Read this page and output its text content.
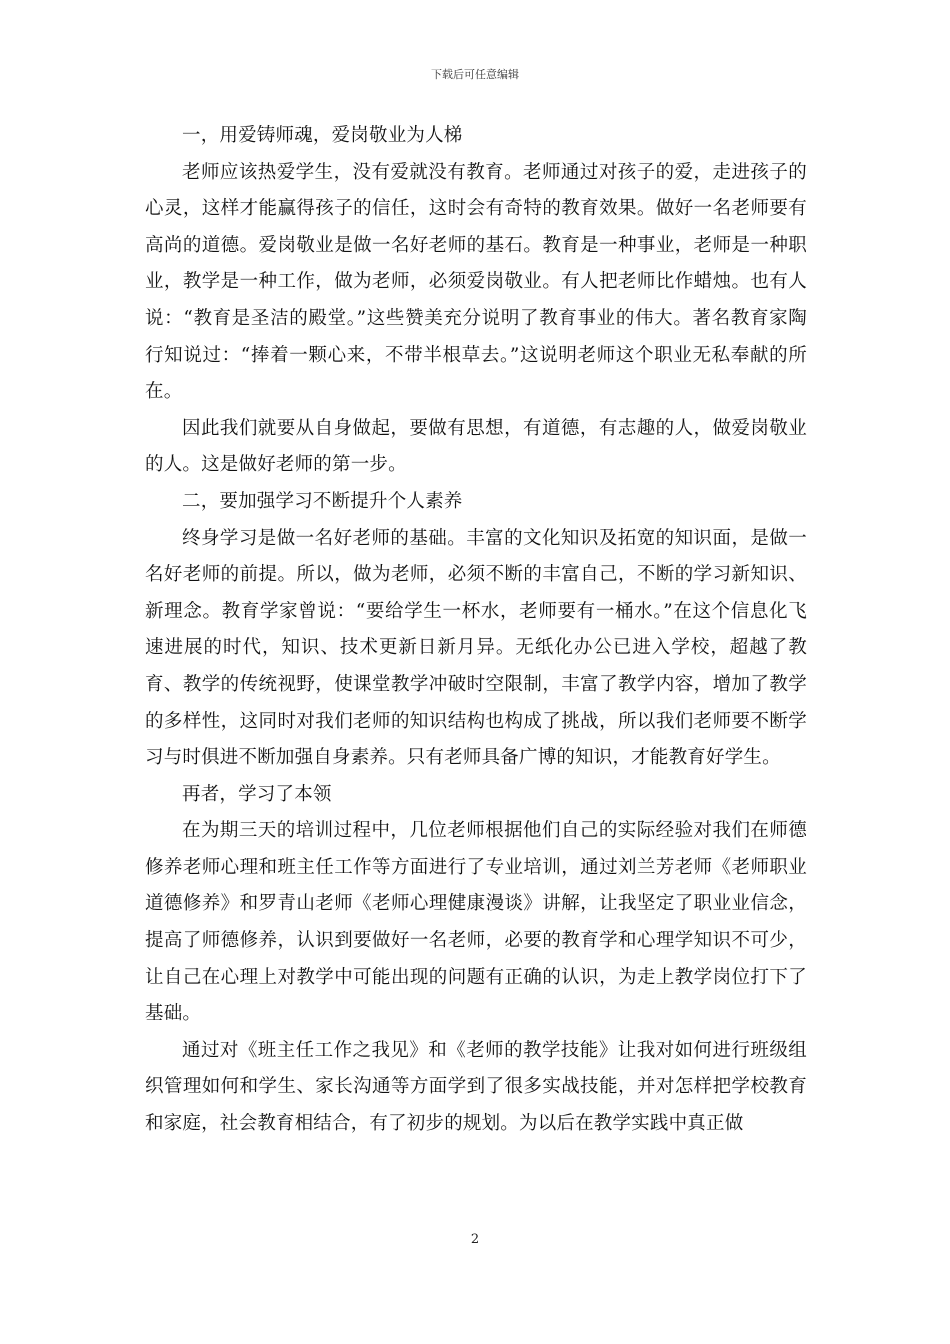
下载后可任意编辑

一，用爱铸师魂，爱岗敬业为人梯

老师应该热爱学生，没有爱就没有教育。老师通过对孩子的爱，走进孩子的心灵，这样才能赢得孩子的信任，这时会有奇特的教育效果。做好一名老师要有高尚的道德。爱岗敬业是做一名好老师的基石。教育是一种事业，老师是一种职业，教学是一种工作，做为老师，必须爱岗敬业。有人把老师比作蜡烛。也有人说：“教育是圣洁的殿堂。”这些赞美充分说明了教育事业的伟大。著名教育家陶行知说过：“捧着一颗心来，不带半根草去。”这说明老师这个职业无私奉献的所在。

因此我们就要从自身做起，要做有思想，有道德，有志趣的人，做爱岗敬业的人。这是做好老师的第一步。

二，要加强学习不断提升个人素养

终身学习是做一名好老师的基础。丰富的文化知识及拓宽的知识面，是做一名好老师的前提。所以，做为老师，必须不断的丰富自己，不断的学习新知识、新理念。教育学家曾说：“要给学生一杯水，老师要有一桶水。”在这个信息化飞速进展的时代，知识、技术更新日新月异。无纸化办公已进入学校，超越了教育、教学的传统视野，使课堂教学冲破时空限制，丰富了教学内容，增加了教学的多样性，这同时对我们老师的知识结构也构成了挑战，所以我们老师要不断学习与时俱进不断加强自身素养。只有老师具备广博的知识，才能教育好学生。

再者，学习了本领

在为期三天的培训过程中，几位老师根据他们自己的实际经验对我们在师德修养老师心理和班主任工作等方面进行了专业培训，通过刘兰芳老师《老师职业道德修养》和罗青山老师《老师心理健康漫谈》讲解，让我坚定了职业业信念，提高了师德修养，认识到要做好一名老师，必要的教育学和心理学知识不可少，让自己在心理上对教学中可能出现的问题有正确的认识，为走上教学岗位打下了基础。

通过对《班主任工作之我见》和《老师的教学技能》让我对如何进行班级组织管理如何和学生、家长沟通等方面学到了很多实战技能，并对怎样把学校教育和家庭，社会教育相结合，有了初步的规划。为以后在教学实践中真正做

2
